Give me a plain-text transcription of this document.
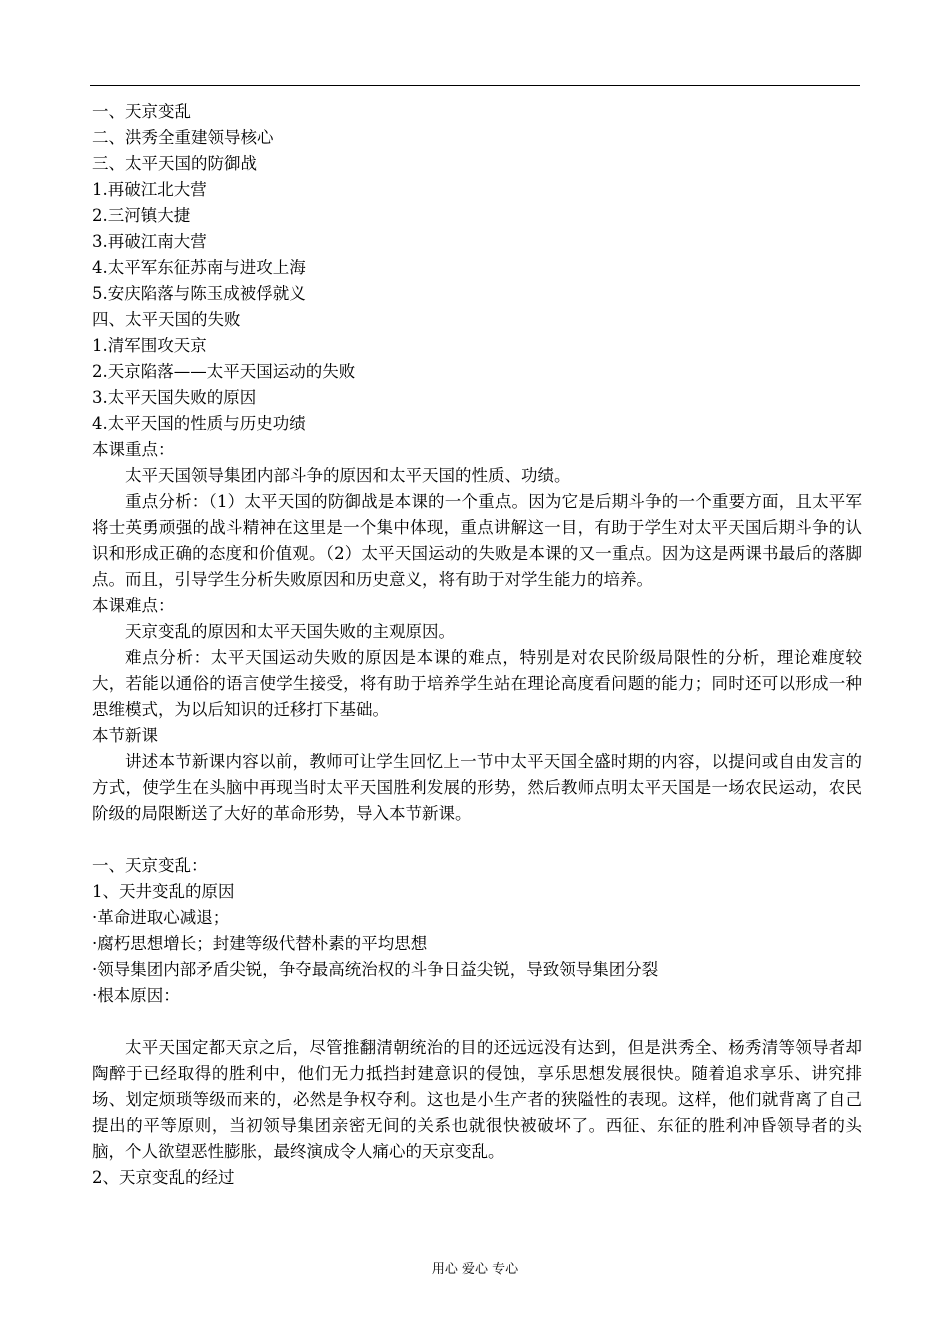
一、天京变乱
二、洪秀全重建领导核心
三、太平天国的防御战
1.再破江北大营
2.三河镇大捷
3.再破江南大营
4.太平军东征苏南与进攻上海
5.安庆陷落与陈玉成被俘就义
四、太平天国的失败
1.清军围攻天京
2.天京陷落——太平天国运动的失败
3.太平天国失败的原因
4.太平天国的性质与历史功绩
本课重点：
太平天国领导集团内部斗争的原因和太平天国的性质、功绩。
重点分析：（1）太平天国的防御战是本课的一个重点。因为它是后期斗争的一个重要方面，且太平军将士英勇顽强的战斗精神在这里是一个集中体现，重点讲解这一目，有助于学生对太平天国后期斗争的认识和形成正确的态度和价值观。（2）太平天国运动的失败是本课的又一重点。因为这是两课书最后的落脚点。而且，引导学生分析失败原因和历史意义，将有助于对学生能力的培养。
本课难点：
天京变乱的原因和太平天国失败的主观原因。
难点分析：太平天国运动失败的原因是本课的难点，特别是对农民阶级局限性的分析，理论难度较大，若能以通俗的语言使学生接受，将有助于培养学生站在理论高度看问题的能力；同时还可以形成一种思维模式，为以后知识的迁移打下基础。
本节新课
讲述本节新课内容以前，教师可让学生回忆上一节中太平天国全盛时期的内容，以提问或自由发言的方式，使学生在头脑中再现当时太平天国胜利发展的形势，然后教师点明太平天国是一场农民运动，农民阶级的局限断送了大好的革命形势，导入本节新课。
一、天京变乱：
1、天井变乱的原因
·革命进取心减退；
·腐朽思想增长；封建等级代替朴素的平均思想
·领导集团内部矛盾尖锐，争夺最高统治权的斗争日益尖锐，导致领导集团分裂
·根本原因：
太平天国定都天京之后，尽管推翻清朝统治的目的还远远没有达到，但是洪秀全、杨秀清等领导者却陶醉于已经取得的胜利中，他们无力抵挡封建意识的侵蚀，享乐思想发展很快。随着追求享乐、讲究排场、划定烦琐等级而来的，必然是争权夺利。这也是小生产者的狭隘性的表现。这样，他们就背离了自己提出的平等原则，当初领导集团亲密无间的关系也就很快被破坏了。西征、东征的胜利冲昏领导者的头脑，个人欲望恶性膨胀，最终演成令人痛心的天京变乱。
2、天京变乱的经过
用心 爱心 专心
